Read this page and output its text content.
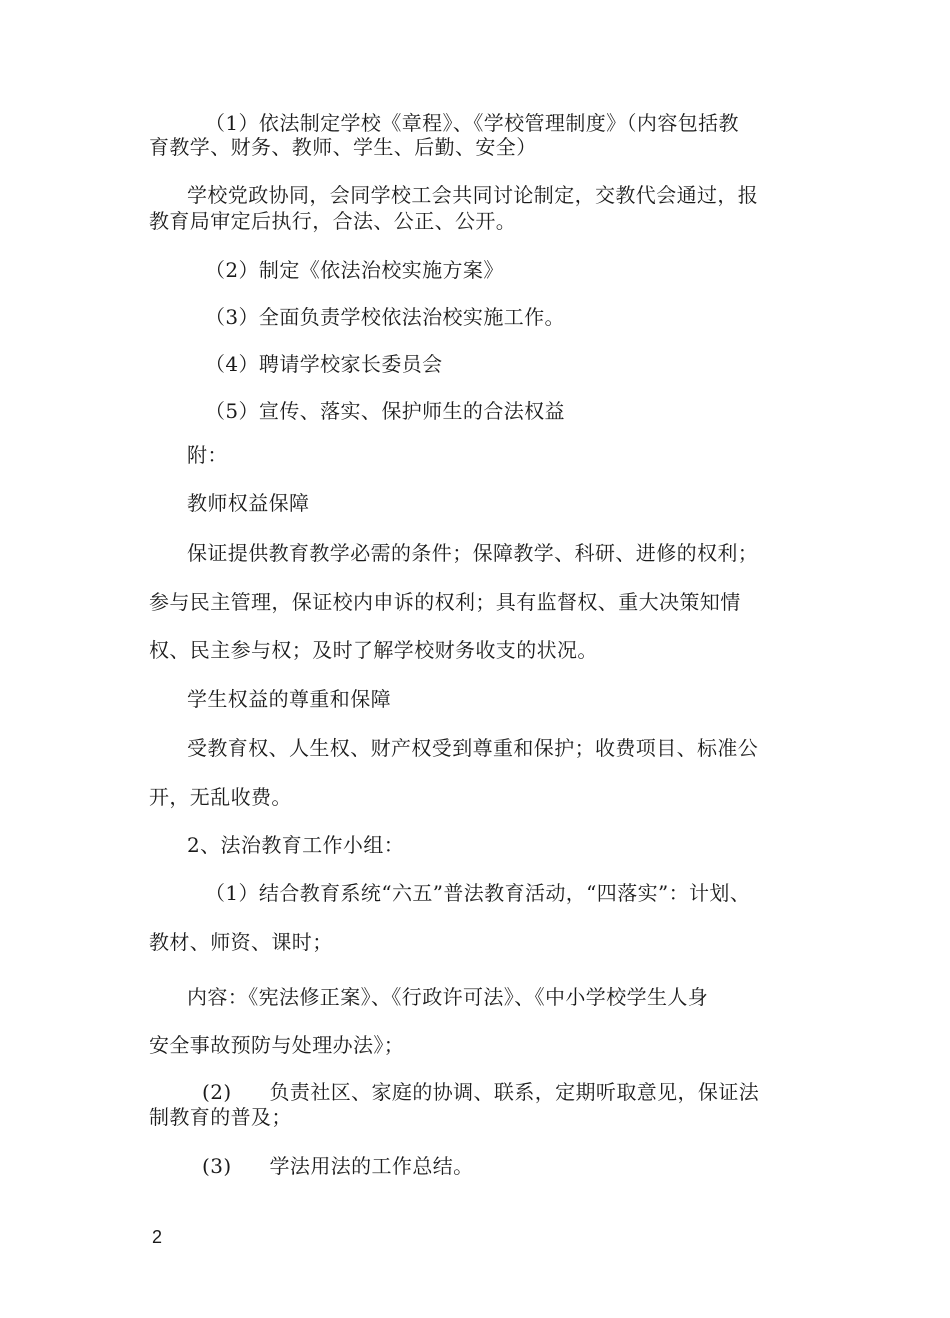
（1）依法制定学校《章程》、《学校管理制度》（内容包括教
育教学、财务、教师、学生、后勤、安全）
学校党政协同，会同学校工会共同讨论制定，交教代会通过，报
教育局审定后执行，合法、公正、公开。
（2）制定《依法治校实施方案》
（3）全面负责学校依法治校实施工作。
（4）聘请学校家长委员会
（5）宣传、落实、保护师生的合法权益
附：
教师权益保障
保证提供教育教学必需的条件；保障教学、科研、进修的权利；
参与民主管理，保证校内申诉的权利；具有监督权、重大决策知情
权、民主参与权；及时了解学校财务收支的状况。
学生权益的尊重和保障
受教育权、人生权、财产权受到尊重和保护；收费项目、标准公
开，无乱收费。
2、法治教育工作小组：
（1）结合教育系统“六五”普法教育活动，“四落实”：计划、
教材、师资、课时；
内容：《宪法修正案》、《行政许可法》、《中小学校学生人身
安全事故预防与处理办法》；
(2) 负责社区、家庭的协调、联系，定期听取意见，保证法
制教育的普及；
(3) 学法用法的工作总结。
2
